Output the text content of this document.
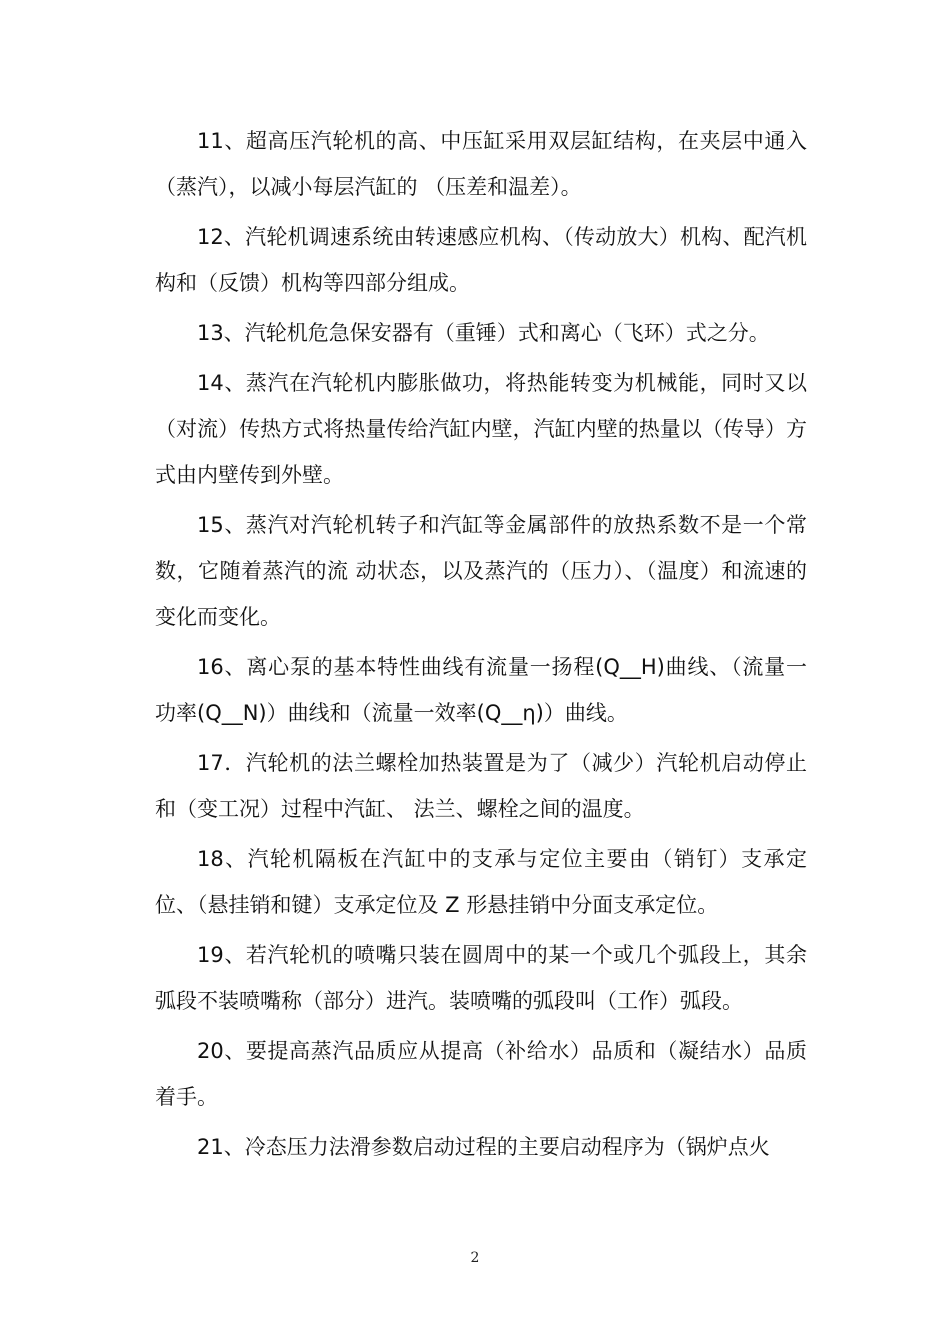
11、超高压汽轮机的高、中压缸采用双层缸结构，在夹层中通入（蒸汽），以减小每层汽缸的 （压差和温差）。

12、汽轮机调速系统由转速感应机构、（传动放大）机构、配汽机构和（反馈）机构等四部分组成。

13、汽轮机危急保安器有（重锤）式和离心（飞环）式之分。

14、蒸汽在汽轮机内膨胀做功，将热能转变为机械能，同时又以（对流）传热方式将热量传给汽缸内壁，汽缸内壁的热量以（传导）方式由内壁传到外壁。

15、蒸汽对汽轮机转子和汽缸等金属部件的放热系数不是一个常数，它随着蒸汽的流 动状态，以及蒸汽的（压力）、（温度）和流速的变化而变化。

16、离心泵的基本特性曲线有流量一扬程(Q__H)曲线、（流量一功率(Q__N)）曲线和（流量一效率(Q__η)）曲线。

17．汽轮机的法兰螺栓加热装置是为了（减少）汽轮机启动停止和（变工况）过程中汽缸、 法兰、螺栓之间的温度。

18、汽轮机隔板在汽缸中的支承与定位主要由（销钉）支承定位、（悬挂销和键）支承定位及 Z 形悬挂销中分面支承定位。

19、若汽轮机的喷嘴只装在圆周中的某一个或几个弧段上，其余弧段不装喷嘴称（部分）进汽。装喷嘴的弧段叫（工作）弧段。

20、要提高蒸汽品质应从提高（补给水）品质和（凝结水）品质着手。

21、冷态压力法滑参数启动过程的主要启动程序为（锅炉点火

2
